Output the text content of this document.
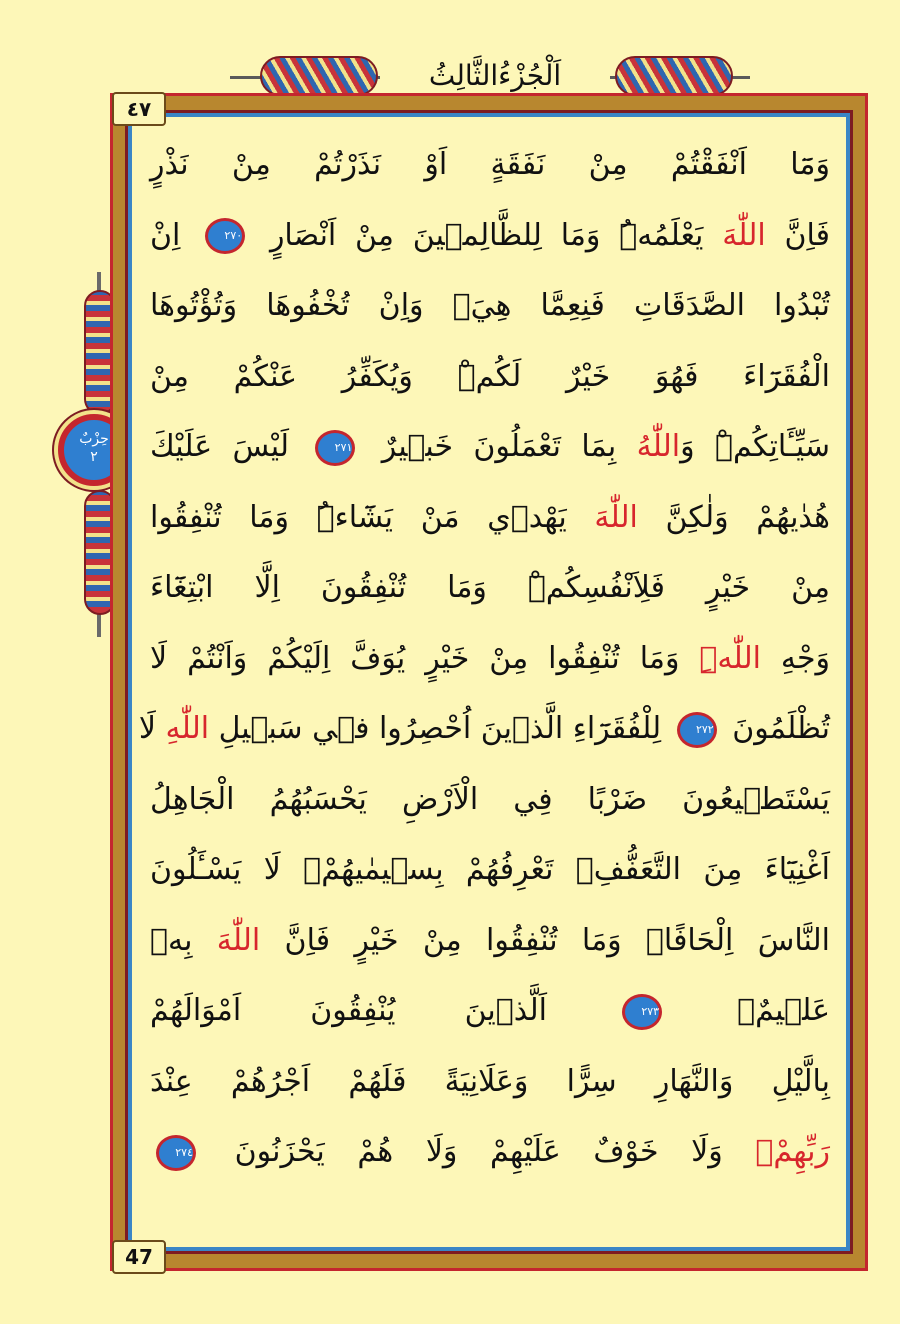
اَلْجُزْءُالثَّالِثُ
حِزْبٌ
٢
٤٧
47
وَمَٓا اَنْفَقْتُمْ مِنْ نَفَقَةٍ اَوْ نَذَرْتُمْ مِنْ نَذْرٍ
فَاِنَّ اللّٰهَ يَعْلَمُهُۜ وَمَا لِلظَّالِم۪ينَ مِنْ اَنْصَارٍ ٢٧٠ اِنْ
تُبْدُوا الصَّدَقَاتِ فَنِعِمَّا هِيَۚ وَاِنْ تُخْفُوهَا وَتُؤْتُوهَا
الْفُقَرَٓاءَ فَهُوَ خَيْرٌ لَكُمْۜ وَيُكَفِّرُ عَنْكُمْ مِنْ
سَيِّـَٔاتِكُمْۜ وَاللّٰهُ بِمَا تَعْمَلُونَ خَب۪يرٌ ٢٧١ لَيْسَ عَلَيْكَ
هُدٰيهُمْ وَلٰكِنَّ اللّٰهَ يَهْد۪ي مَنْ يَشَٓاءُۜ وَمَا تُنْفِقُوا
مِنْ خَيْرٍ فَلِاَنْفُسِكُمْۜ وَمَا تُنْفِقُونَ اِلَّا ابْتِغَٓاءَ
وَجْهِ اللّٰهِۜ وَمَا تُنْفِقُوا مِنْ خَيْرٍ يُوَفَّ اِلَيْكُمْ وَاَنْتُمْ لَا
تُظْلَمُونَ ٢٧٢ لِلْفُقَرَٓاءِ الَّذ۪ينَ اُحْصِرُوا ف۪ي سَب۪يلِ اللّٰهِ لَا
يَسْتَط۪يعُونَ ضَرْبًا فِي الْاَرْضِ يَحْسَبُهُمُ الْجَاهِلُ
اَغْنِيَٓاءَ مِنَ التَّعَفُّفِۚ تَعْرِفُهُمْ بِس۪يمٰيهُمْۚ لَا يَسْـَٔلُونَ
النَّاسَ اِلْحَافًاۜ وَمَا تُنْفِقُوا مِنْ خَيْرٍ فَاِنَّ اللّٰهَ بِه۪
عَل۪يمٌ۟ ٢٧٣ اَلَّذ۪ينَ يُنْفِقُونَ اَمْوَالَهُمْ
بِالَّيْلِ وَالنَّهَارِ سِرًّا وَعَلَانِيَةً فَلَهُمْ اَجْرُهُمْ عِنْدَ
رَبِّهِمْۚ وَلَا خَوْفٌ عَلَيْهِمْ وَلَا هُمْ يَحْزَنُونَ ٢٧٤
